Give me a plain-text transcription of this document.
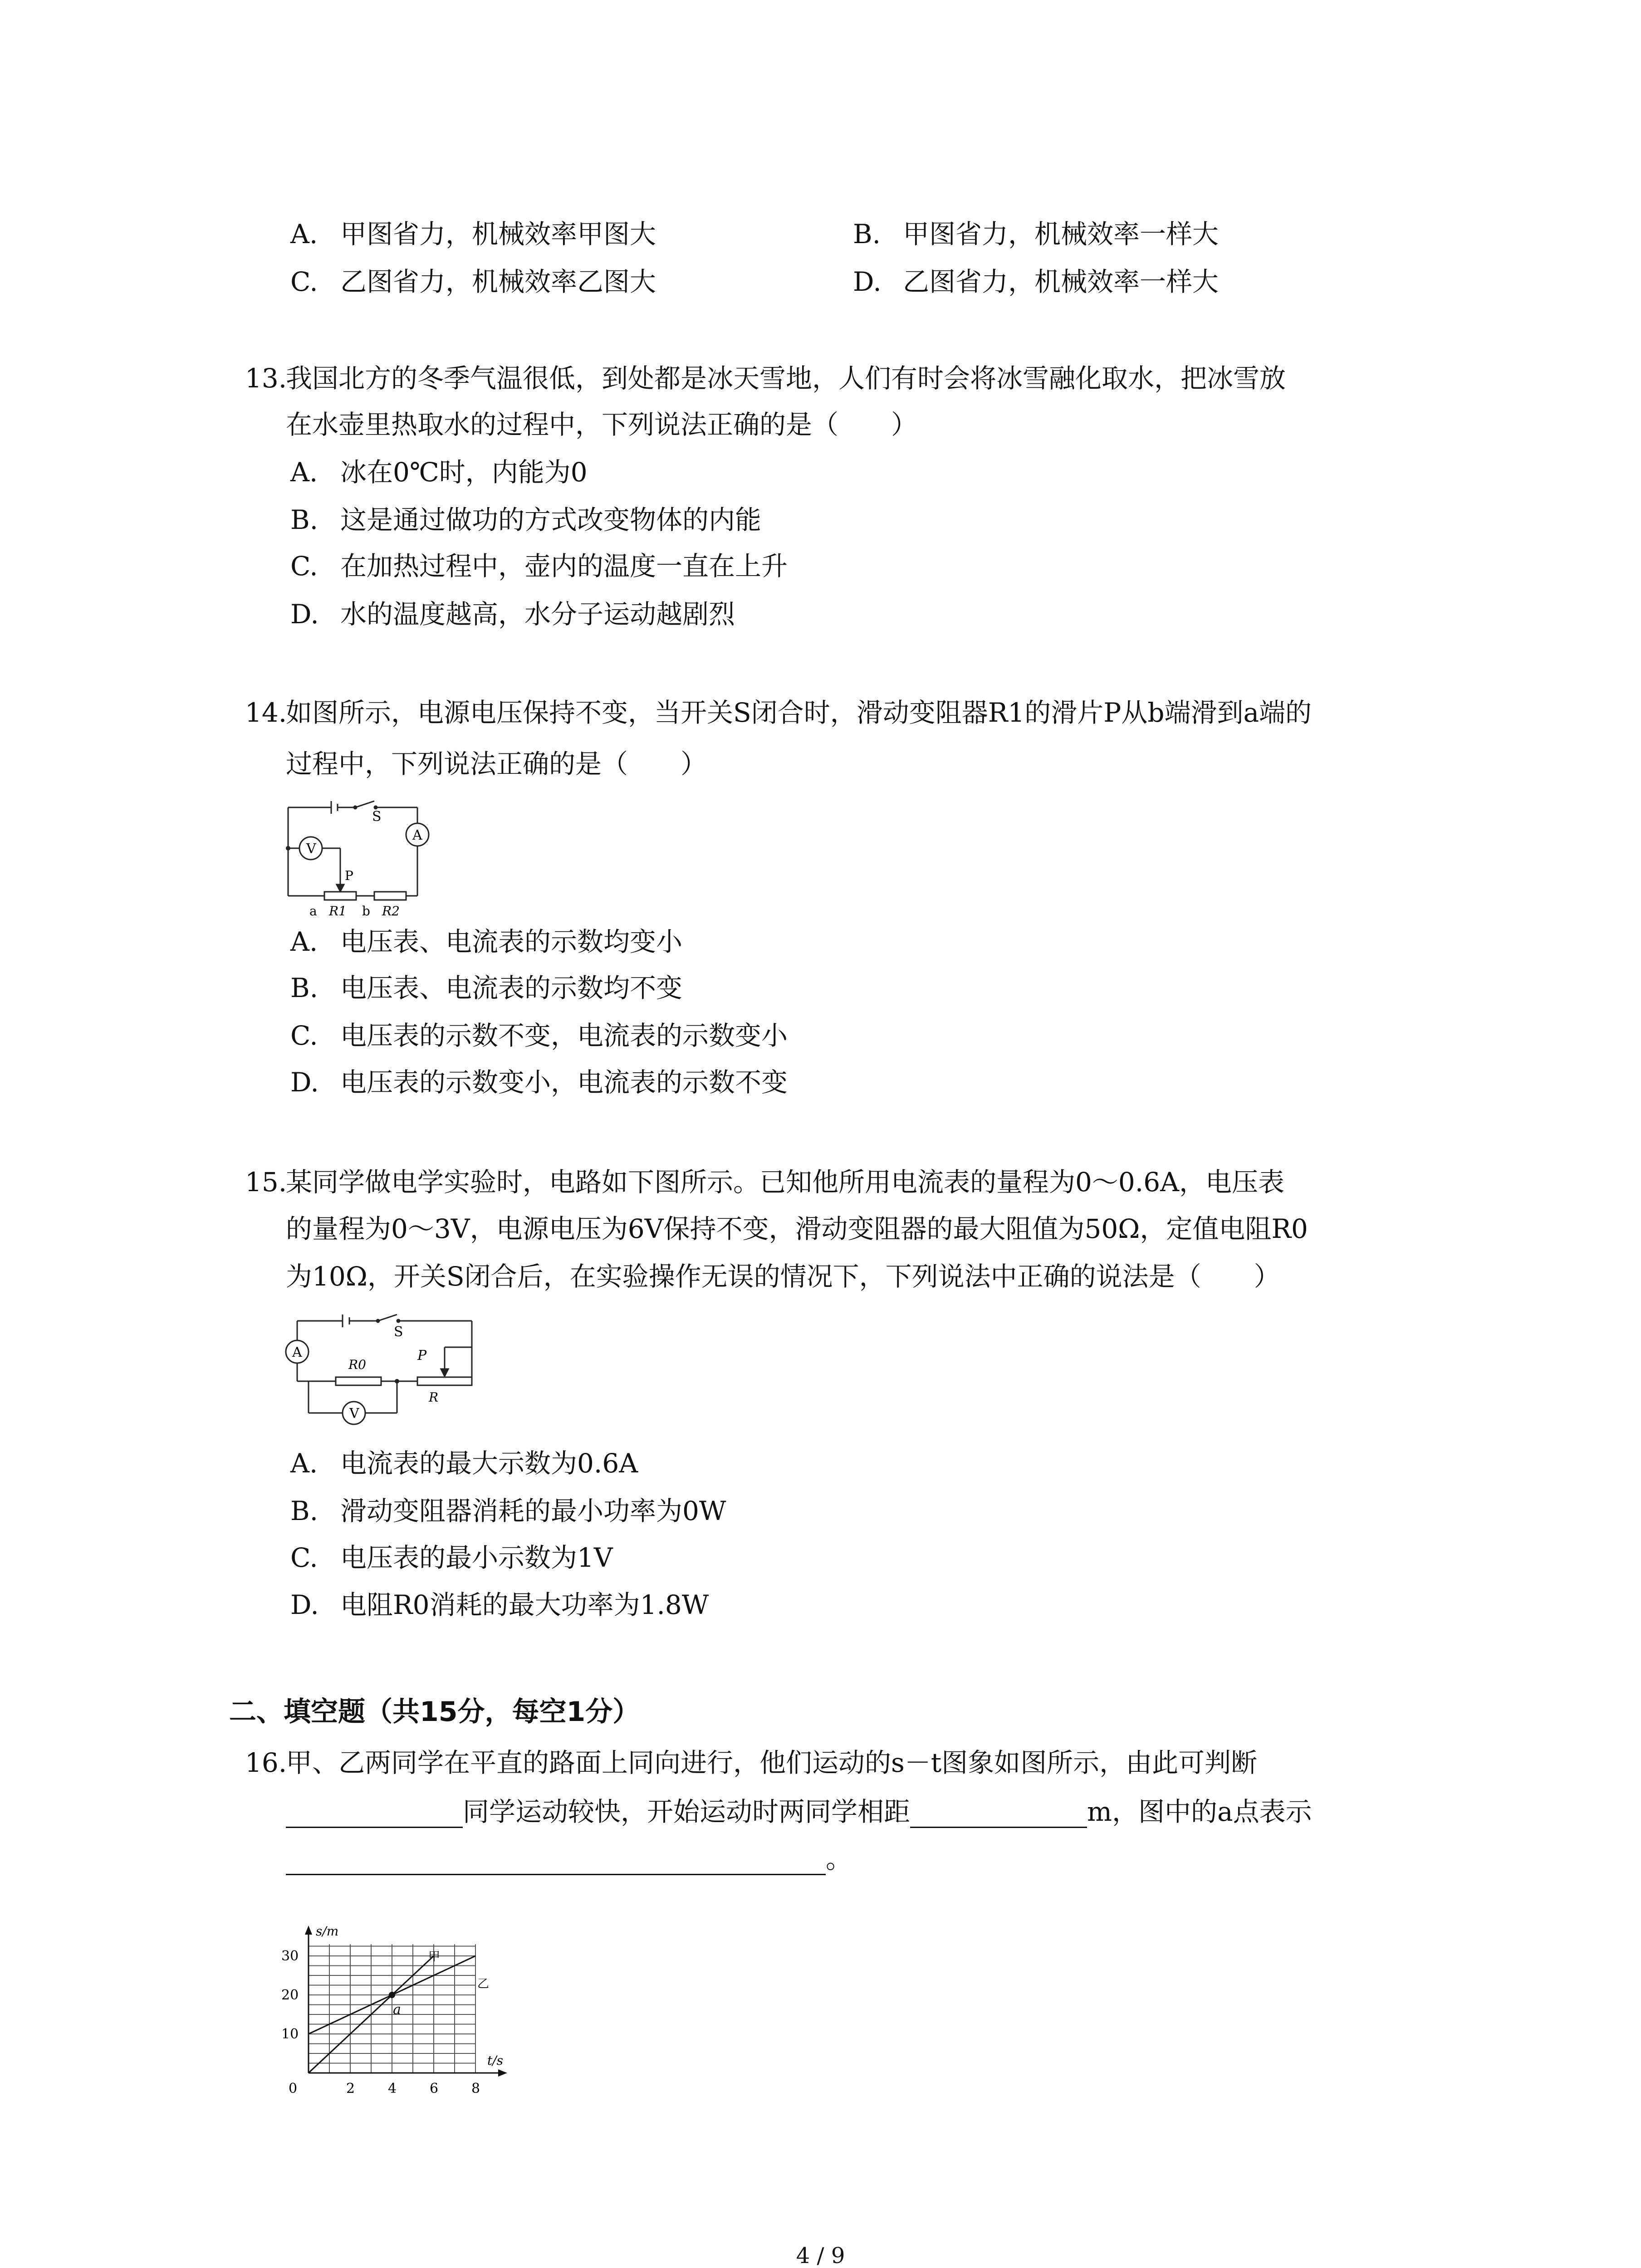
A. 甲图省力，机械效率甲图大	B. 甲图省力，机械效率一样大
C. 乙图省力，机械效率乙图大	D. 乙图省力，机械效率一样大
13.
我国北方的冬季气温很低，到处都是冰天雪地，人们有时会将冰雪融化取水，把冰雪放
在水壶里热取水的过程中，下列说法正确的是（　　）
A. 冰在0℃时，内能为0
B. 这是通过做功的方式改变物体的内能
C. 在加热过程中，壶内的温度一直在上升
D. 水的温度越高，水分子运动越剧烈
14.
如图所示，电源电压保持不变，当开关S闭合时，滑动变阻器R1的滑片P从b端滑到a端的
过程中，下列说法正确的是（　　）
S
A
V
P
a R1 b R2
A. 电压表、电流表的示数均变小
B. 电压表、电流表的示数均不变
C. 电压表的示数不变，电流表的示数变小
D. 电压表的示数变小，电流表的示数不变
15.
某同学做电学实验时，电路如下图所示。已知他所用电流表的量程为0～0.6A，电压表
的量程为0～3V，电源电压为6V保持不变，滑动变阻器的最大阻值为50Ω，定值电阻R0
为10Ω，开关S闭合后，在实验操作无误的情况下，下列说法中正确的说法是（　　）
S
A
R0
P
R
V
A. 电流表的最大示数为0.6A
B. 滑动变阻器消耗的最小功率为0W
C. 电压表的最小示数为1V
D. 电阻R0消耗的最大功率为1.8W
二、填空题（共15分，每空1分）
16.
甲、乙两同学在平直的路面上同向进行，他们运动的s－t图象如图所示，由此可判断
同学运动较快，开始运动时两同学相距	m，图中的a点表示
。
甲
乙
a
2 4 6 8
10
20
30
0
s/m
t/s
4 / 9
